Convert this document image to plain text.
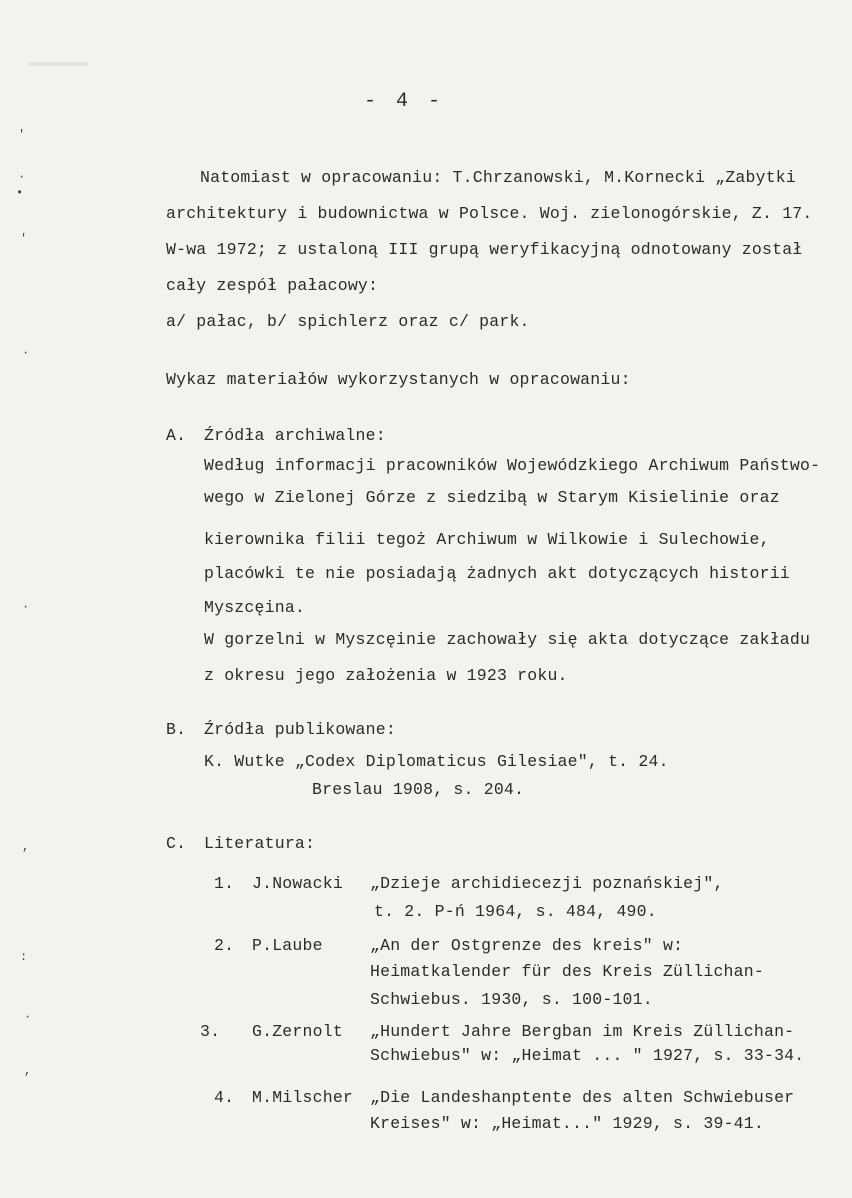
'
·
•
'
·
·
,
:
·
,
- 4 -
Natomiast w opracowaniu: T.Chrzanowski, M.Kornecki „Zabytki
architektury i budownictwa w Polsce. Woj. zielonogórskie, Z. 17.
W-wa 1972; z ustaloną III grupą weryfikacyjną odnotowany został
cały zespół pałacowy:
a/ pałac, b/ spichlerz oraz c/ park.
Wykaz materiałów wykorzystanych w opracowaniu:
A. Źródła archiwalne:
Według informacji pracowników Wojewódzkiego Archiwum Państwo-
wego w Zielonej Górze z siedzibą w Starym Kisielinie oraz
kierownika filii tegoż Archiwum w Wilkowie i Sulechowie,
placówki te nie posiadają żadnych akt dotyczących historii
Myszcęina.
W gorzelni w Myszcęinie zachowały się akta dotyczące zakładu
z okresu jego założenia w 1923 roku.
B. Źródła publikowane:
K. Wutke „Codex Diplomaticus Gilesiae", t. 24.
Breslau 1908, s. 204.
C. Literatura:
1. J.Nowacki „Dzieje archidiecezji poznańskiej",
t. 2. P-ń 1964, s. 484, 490.
2. P.Laube	„An der Ostgrenze des kreis" w:
Heimatkalender für des Kreis Züllichan-
Schwiebus. 1930, s. 100-101.
3. G.Zernolt „Hundert Jahre Bergban im Kreis Züllichan-
Schwiebus" w: „Heimat ... " 1927, s. 33-34.
4. M.Milscher „Die Landeshanptente des alten Schwiebuser
Kreises" w: „Heimat..." 1929, s. 39-41.
